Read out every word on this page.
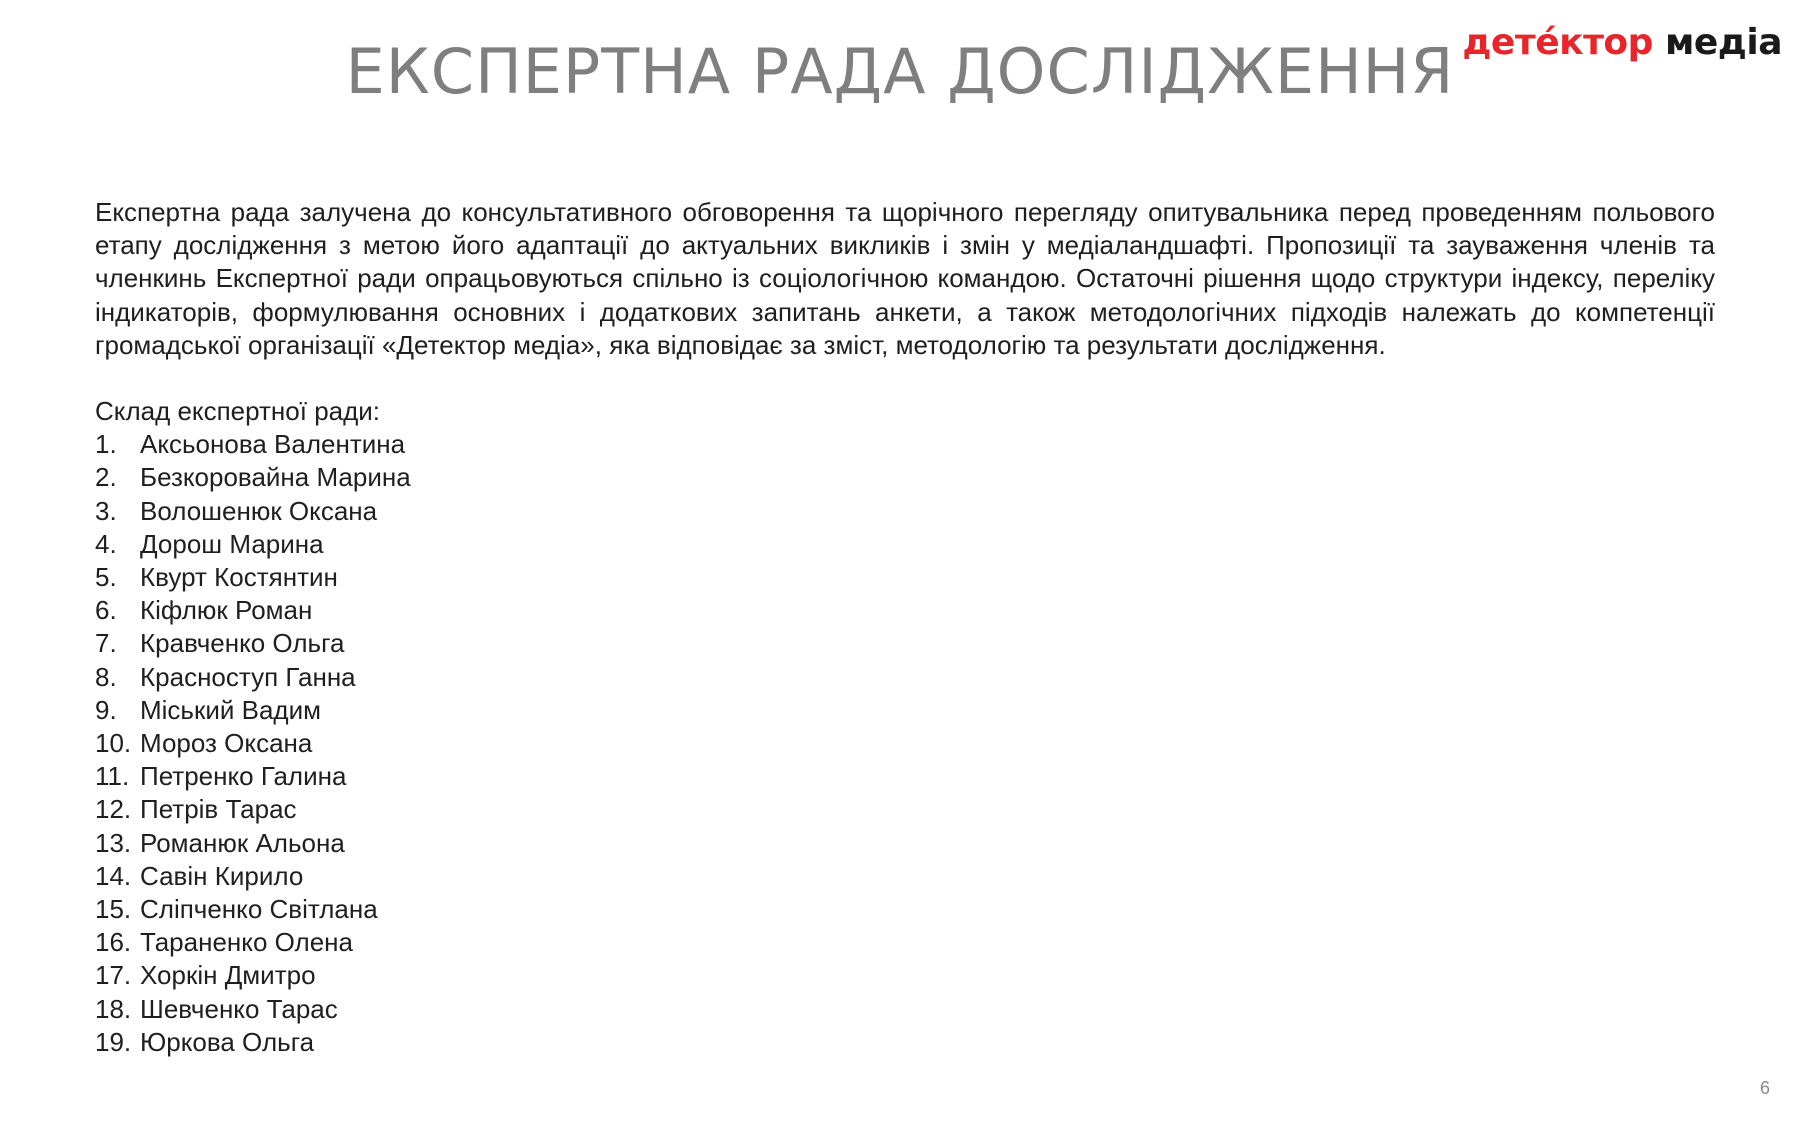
ЕКСПЕРТНА РАДА ДОСЛІДЖЕННЯ детéктор медіа

Експертна рада залучена до консультативного обговорення та щорічного перегляду опитувальника перед проведенням польового етапу дослідження з метою його адаптації до актуальних викликів і змін у медіаландшафті. Пропозиції та зауваження членів та членкинь Експертної ради опрацьовуються спільно із соціологічною командою. Остаточні рішення щодо структури індексу, переліку індикаторів, формулювання основних і додаткових запитань анкети, а також методологічних підходів належать до компетенції громадської організації «Детектор медіа», яка відповідає за зміст, методологію та результати дослідження.

Склад експертної ради:

1. Аксьонова Валентина
2. Безкоровайна Марина
3. Волошенюк Оксана
4. Дорош Марина
5. Квурт Костянтин
6. Кіфлюк Роман
7. Кравченко Ольга
8. Красноступ Ганна
9. Міський Вадим
10. Мороз Оксана
11. Петренко Галина
12. Петрів Тарас
13. Романюк Альона
14. Савін Кирило
15. Сліпченко Світлана
16. Тараненко Олена
17. Хоркін Дмитро
18. Шевченко Тарас
19. Юркова Ольга
6
